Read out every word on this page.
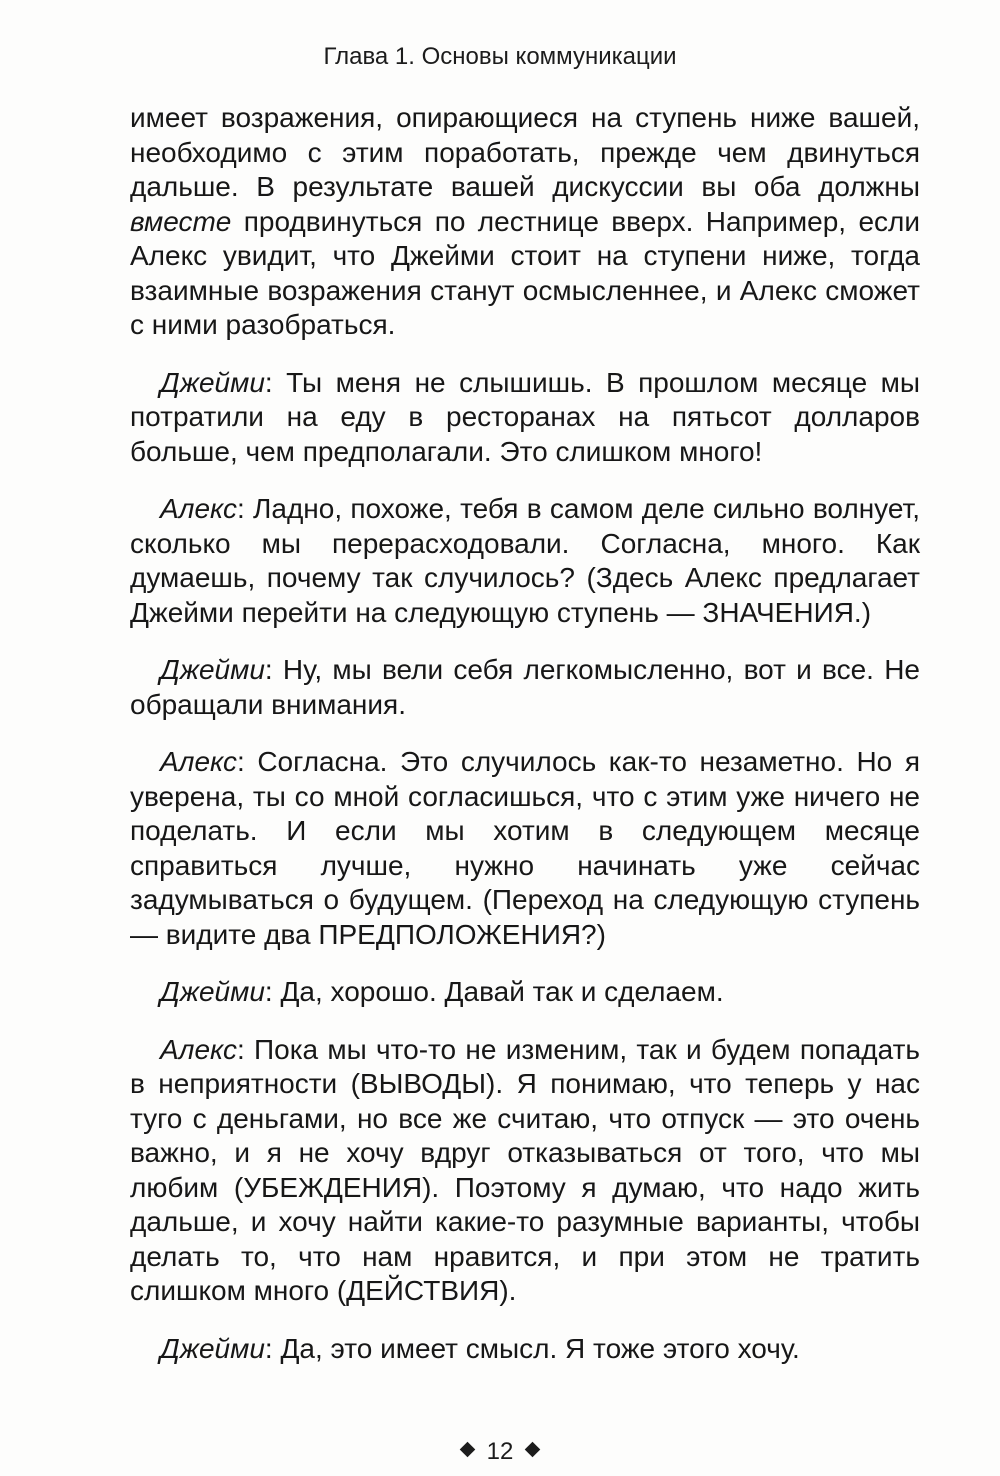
Глава 1. Основы коммуникации

имеет возражения, опирающиеся на ступень ниже вашей, необходимо с этим поработать, прежде чем двинуться дальше. В результате вашей дискуссии вы оба должны вместе продвинуться по лестнице вверх. Например, если Алекс увидит, что Джейми стоит на ступени ниже, тогда взаимные возражения станут осмысленнее, и Алекс сможет с ними разобраться.

Джейми: Ты меня не слышишь. В прошлом месяце мы потратили на еду в ресторанах на пятьсот долларов больше, чем предполагали. Это слишком много!

Алекс: Ладно, похоже, тебя в самом деле сильно волнует, сколько мы перерасходовали. Согласна, много. Как думаешь, почему так случилось? (Здесь Алекс предлагает Джейми перейти на следующую ступень — ЗНАЧЕНИЯ.)

Джейми: Ну, мы вели себя легкомысленно, вот и все. Не обращали внимания.

Алекс: Согласна. Это случилось как-то незаметно. Но я уверена, ты со мной согласишься, что с этим уже ничего не поделать. И если мы хотим в следующем месяце справиться лучше, нужно начинать уже сейчас задумываться о будущем. (Переход на следующую ступень — видите два ПРЕДПОЛОЖЕНИЯ?)

Джейми: Да, хорошо. Давай так и сделаем.

Алекс: Пока мы что-то не изменим, так и будем попадать в неприятности (ВЫВОДЫ). Я понимаю, что теперь у нас туго с деньгами, но все же считаю, что отпуск — это очень важно, и я не хочу вдруг отказываться от того, что мы любим (УБЕЖДЕНИЯ). Поэтому я думаю, что надо жить дальше, и хочу найти какие-то разумные варианты, чтобы делать то, что нам нравится, и при этом не тратить слишком много (ДЕЙСТВИЯ).

Джейми: Да, это имеет смысл. Я тоже этого хочу.

12
